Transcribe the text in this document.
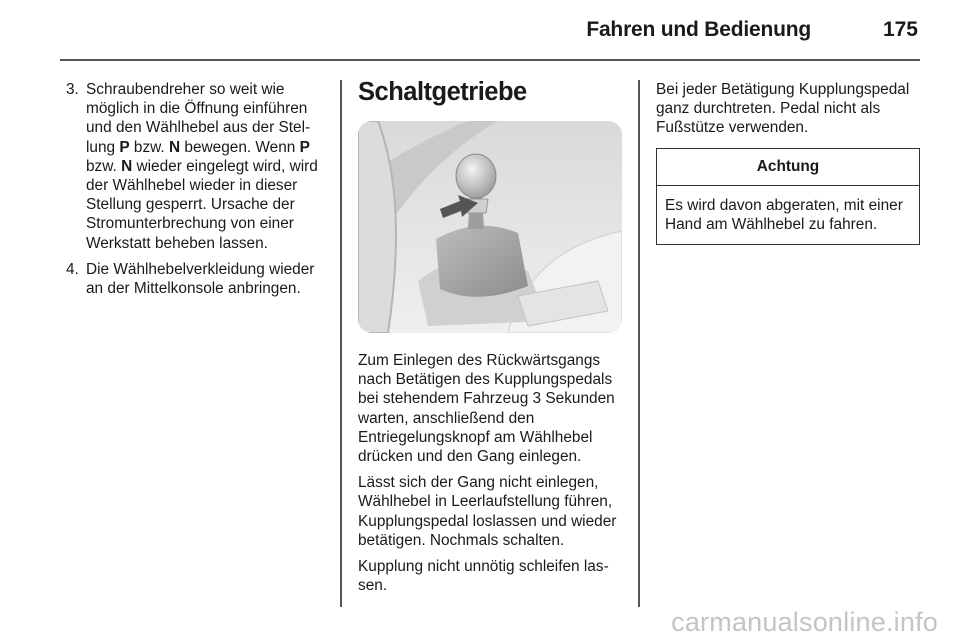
Fahren und Bedienung	175
3. Schraubendreher so weit wie möglich in die Öffnung einführen und den Wählhebel aus der Stellung P bzw. N bewegen. Wenn P bzw. N wieder eingelegt wird, wird der Wählhebel wieder in dieser Stellung gesperrt. Ursache der Stromunterbrechung von einer Werkstatt beheben lassen.
4. Die Wählhebelverkleidung wieder an der Mittelkonsole anbringen.
Schaltgetriebe

Zum Einlegen des Rückwärtsgangs nach Betätigen des Kupplungspedals bei stehendem Fahrzeug 3 Sekunden warten, anschließend den Entriegelungsknopf am Wählhebel drücken und den Gang einlegen.

Lässt sich der Gang nicht einlegen, Wählhebel in Leerlaufstellung führen, Kupplungspedal loslassen und wieder betätigen. Nochmals schalten.

Kupplung nicht unnötig schleifen lassen.

Bei jeder Betätigung Kupplungspedal ganz durchtreten. Pedal nicht als Fußstütze verwenden.

Achtung
Es wird davon abgeraten, mit einer Hand am Wählhebel zu fahren.
carmanualsonline.info
